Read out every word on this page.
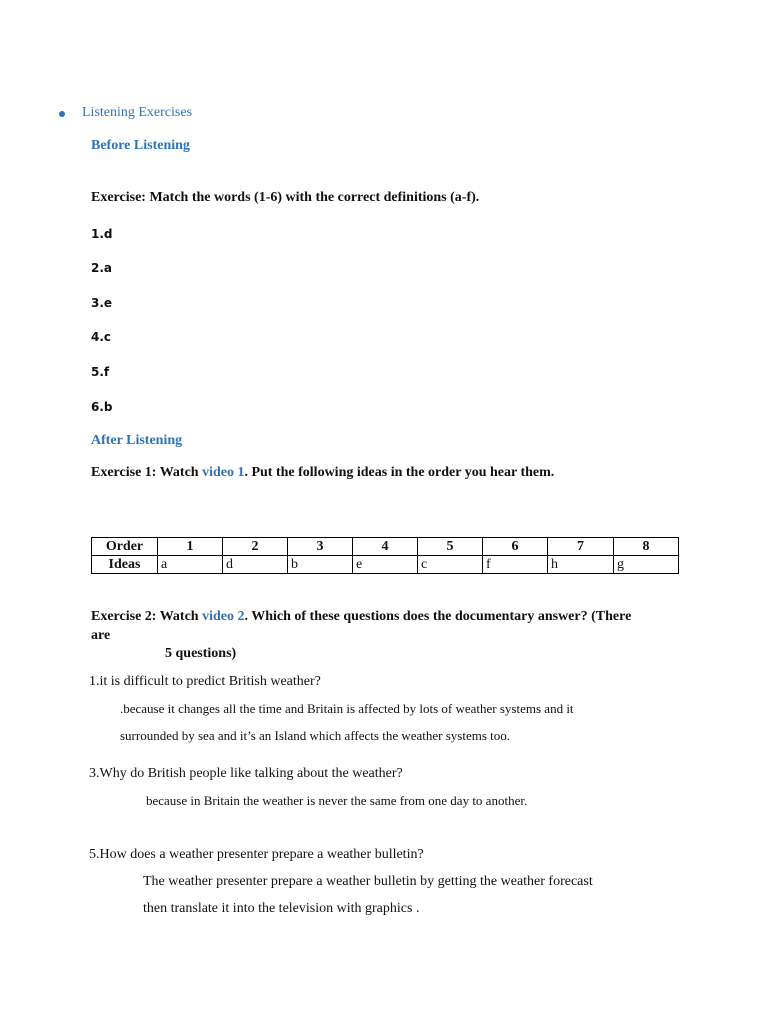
Listening Exercises
Before Listening
Exercise: Match the words (1-6) with the correct definitions (a-f).
1.d
2.a
3.e
4.c
5.f
6.b
After Listening
Exercise 1: Watch video 1. Put the following ideas in the order you hear them.
Order	1	2	3	4	5	6	7	8
Ideas	a	d	b	e	c	f	h	g
Exercise 2: Watch video 2. Which of these questions does the documentary answer? (There
are
5 questions)
1.it is difficult to predict British weather?
.because it changes all the time and Britain is affected by lots of weather systems and it
surrounded by sea and it’s an Island which affects the weather systems too.
3.Why do British people like talking about the weather?
because in Britain the weather is never the same from one day to another.
5.How does a weather presenter prepare a weather bulletin?
The weather presenter prepare a weather bulletin by getting the weather forecast
then translate it into the television with graphics .
